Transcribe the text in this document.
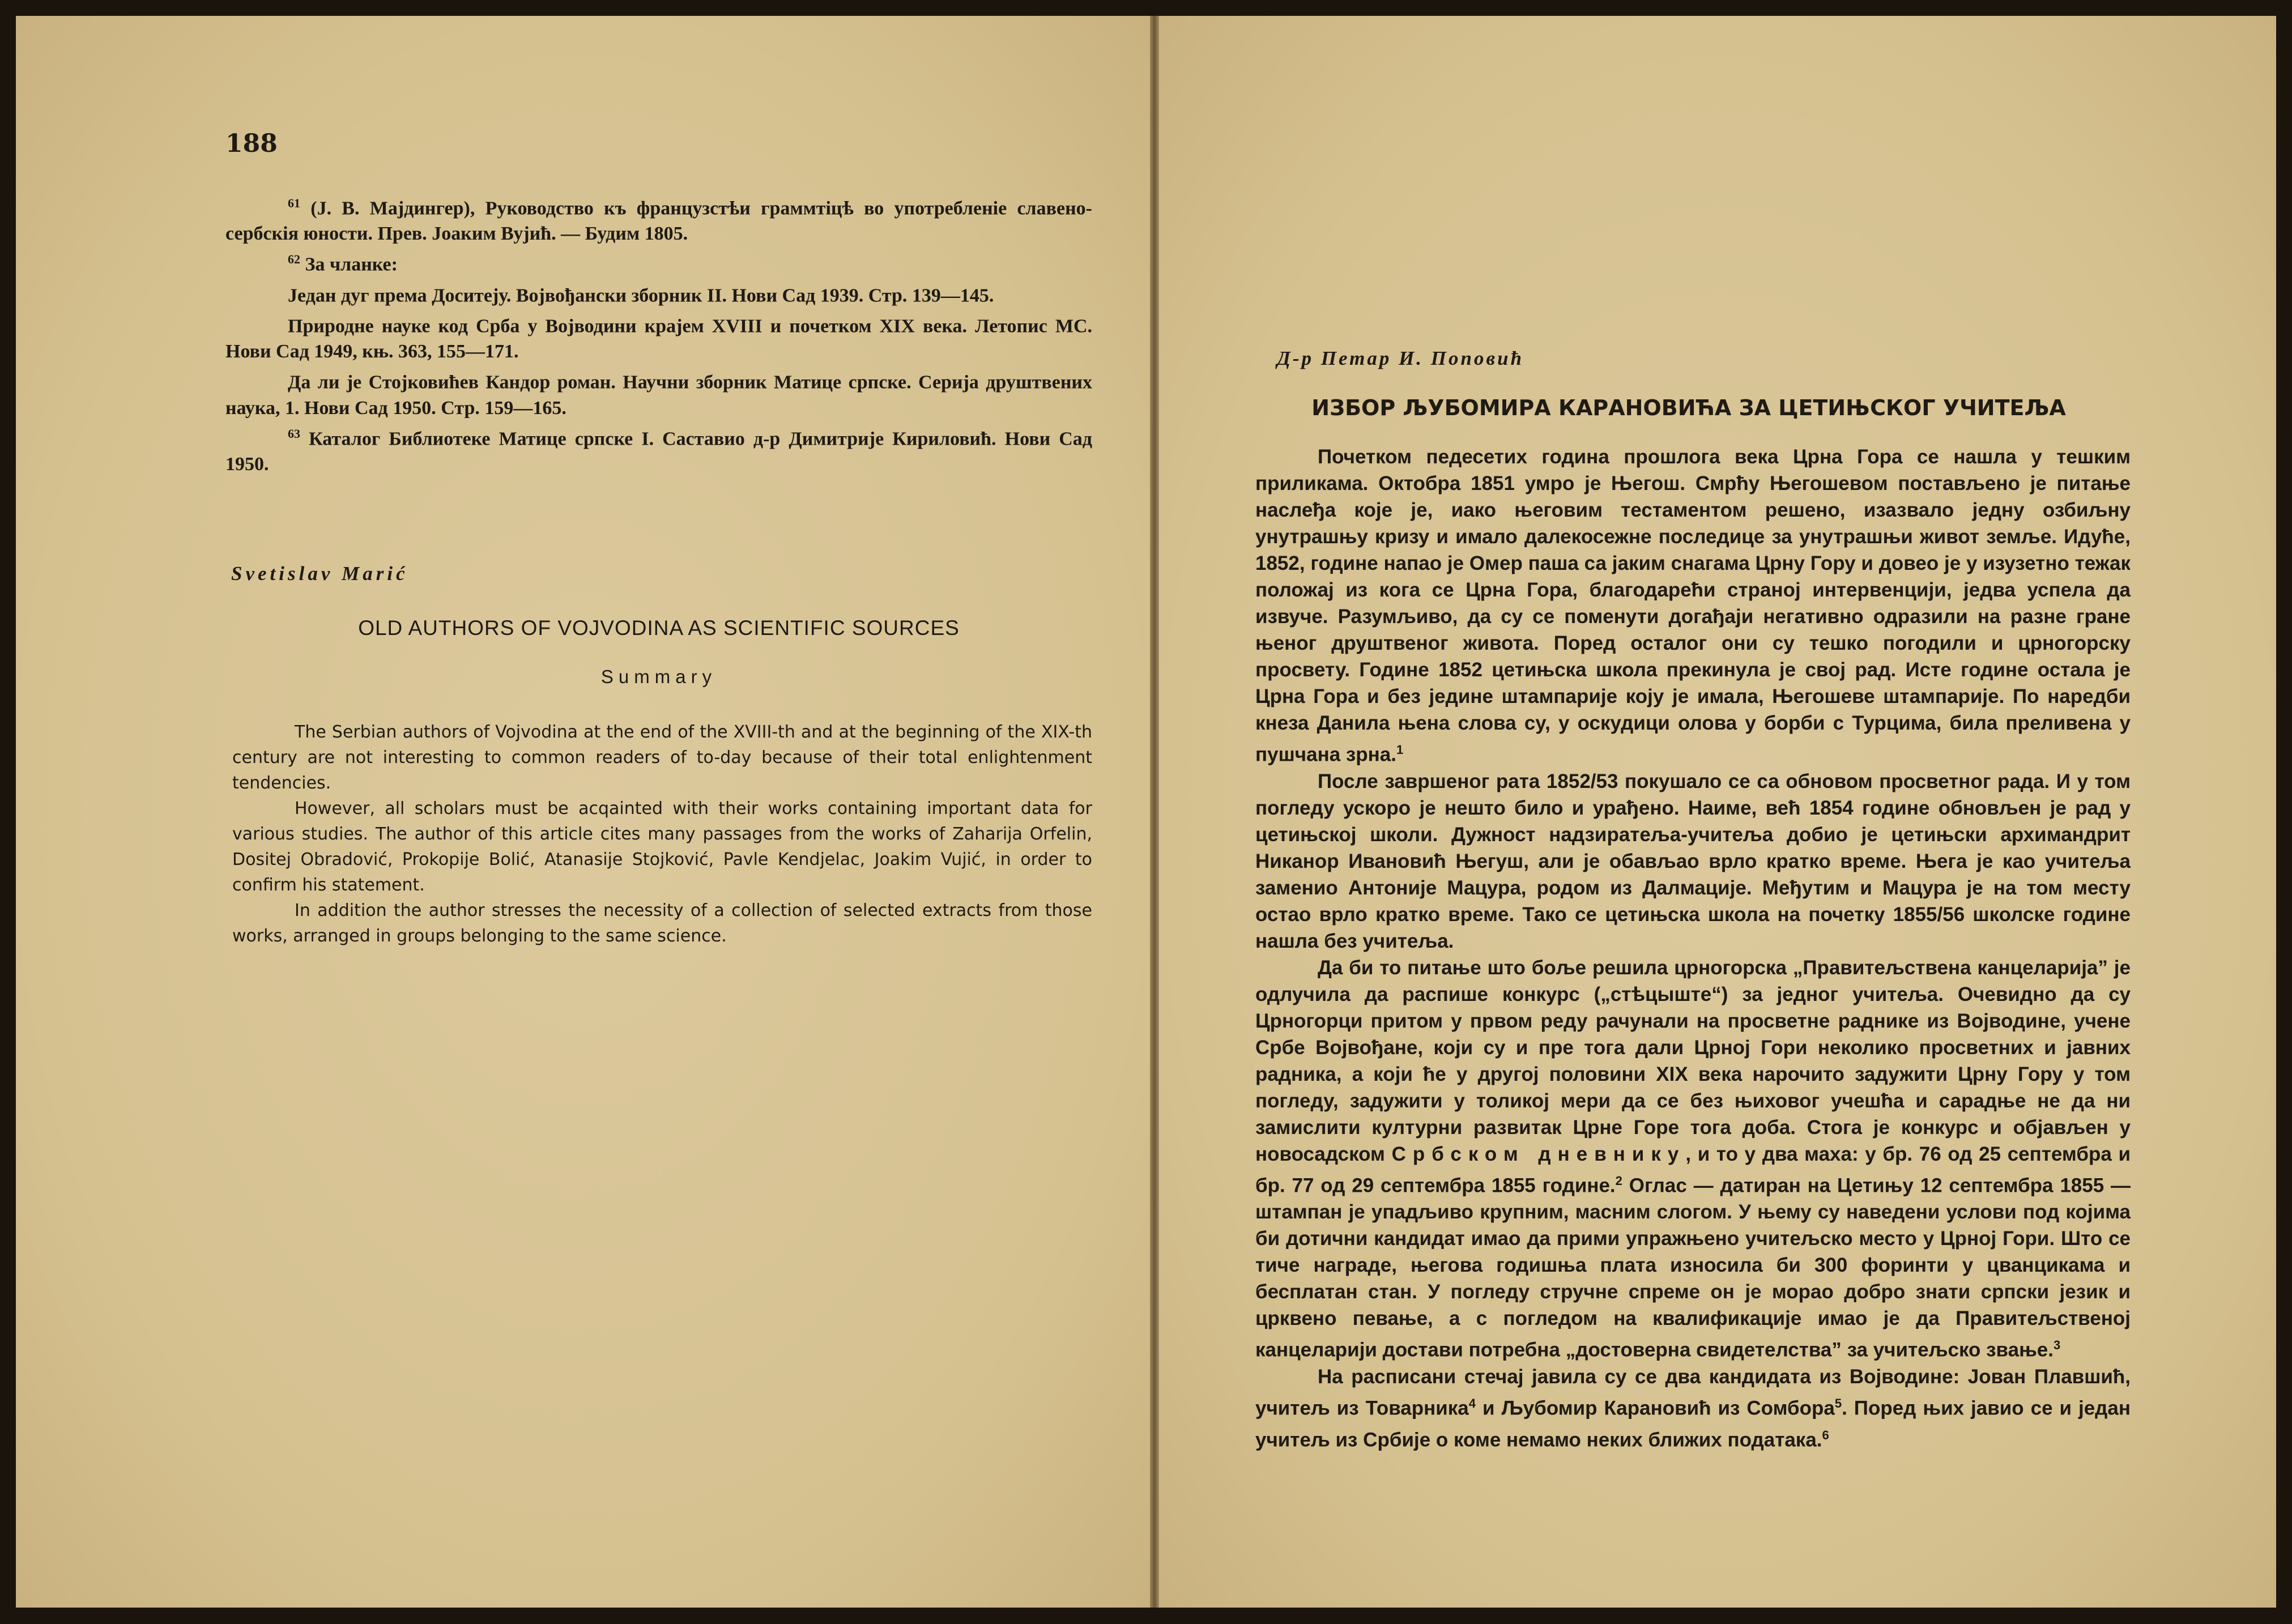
188

$^{61}$ (J. B. Мајдингер), Руководство къ французстѣи граммтіцѣ во употребленіе славено-сербскія юности. Прев. Јоаким Вујић. — Будим 1805.

$^{62}$ За чланке:

Један дуг према Доситеју. Војвођански зборник II. Нови Сад 1939. Стр. 139—145.

Природне науке код Срба у Војводини крајем XVIII и почетком XIX века. Летопис МС. Нови Сад 1949, књ. 363, 155—171.

Да ли је Стојковићев Кандор роман. Научни зборник Матице српске. Серија друштвених наука, 1. Нови Сад 1950. Стр. 159—165.

$^{63}$ Каталог Библиотеке Матице српске I. Саставио д-р Димитрије Кириловић. Нови Сад 1950.

Svetislav Marić
OLD AUTHORS OF VOJVODINA AS SCIENTIFIC SOURCES
Summary

The Serbian authors of Vojvodina at the end of the XVIII-th and at the beginning of the XIX-th century are not interesting to common readers of to-day because of their total enlightenment tendencies.

However, all scholars must be acqainted with their works containing important data for various studies. The author of this article cites many passages from the works of Zaharija Orfelin, Dositej Obradović, Prokopije Bolić, Atanasije Stojković, Pavle Kendjelac, Joakim Vujić, in order to confirm his statement.

In addition the author stresses the necessity of a collection of selected extracts from those works, arranged in groups belonging to the same science.

Д-р Петар И. Поповић
ИЗБОР ЉУБОМИРА КАРАНОВИЋА ЗА ЦЕТИЊСКОГ УЧИТЕЉА

Почетком педесетих година прошлога века Црна Гора се нашла у тешким приликама. Октобра 1851 умро је Његош. Смрћу Његошевом постављено је питање наслеђа које је, иако његовим тестаментом решено, изазвало једну озбиљну унутрашњу кризу и имало далекосежне последице за унутрашњи живот земље. Идуће, 1852, године напао је Омер паша са јаким снагама Црну Гору и довео је у изузетно тежак положај из кога се Црна Гора, благодарећи страној интервенцији, једва успела да извуче. Разумљиво, да су се поменути догађаји негативно одразили на разне гране њеног друштвеног живота. Поред осталог они су тешко погодили и црногорску просвету. Године 1852 цетињска школа прекинула је свој рад. Исте године остала је Црна Гора и без једине штампарије коју је имала, Његошеве штампарије. По наредби кнеза Данила њена слова су, у оскудици олова у борби с Турцима, била преливена у пушчана зрна.$^1$

После завршеног рата 1852/53 покушало се са обновом просветног рада. И у том погледу ускоро је нешто било и урађено. Наиме, већ 1854 године обновљен је рад у цетињској школи. Дужност надзиратеља-учитеља добио је цетињски архимандрит Никанор Ивановић Његуш, али је обављао врло кратко време. Њега је као учитеља заменио Антоније Мацура, родом из Далмације. Међутим и Мацура је на том месту остао врло кратко време. Тако се цетињска школа на почетку 1855/56 школске године нашла без учитеља.

Да би то питање што боље решила црногорска „Правитељствена канцеларија” је одлучила да распише конкурс („стѣцыште“) за једног учитеља. Очевидно да су Црногорци притом у првом реду рачунали на просветне раднике из Војводине, учене Србе Војвођане, који су и пре тога дали Црној Гори неколико просветних и јавних радника, а који ће у другој половини XIX века нарочито задужити Црну Гору у том погледу, задужити у толикој мери да се без њиховог учешћа и сарадње не да ни замислити културни развитак Црне Горе тога доба. Стога је конкурс и објављен у новосадском Србском дневнику, и то у два маха: у бр. 76 од 25 септембра и бр. 77 од 29 септембра 1855 године.$^2$ Оглас — датиран на Цетињу 12 септембра 1855 — штампан је упадљиво крупним, масним слогом. У њему су наведени услови под којима би дотични кандидат имао да прими упражњено учитељско место у Црној Гори. Што се тиче награде, његова годишња плата износила би 300 форинти у цванцикама и бесплатан стан. У погледу стручне спреме он је морао добро знати српски језик и црквено певање, а с погледом на квалификације имао је да Правитељственој канцеларији достави потребна „достоверна свидетелства” за учитељско звање.$^3$

На расписани стечај јавила су се два кандидата из Војводине: Јован Плавшић, учитељ из Товарника$^4$ и Љубомир Карановић из Сомбора$^5$. Поред њих јавио се и један учитељ из Србије о коме немамо неких ближих података.$^6$
